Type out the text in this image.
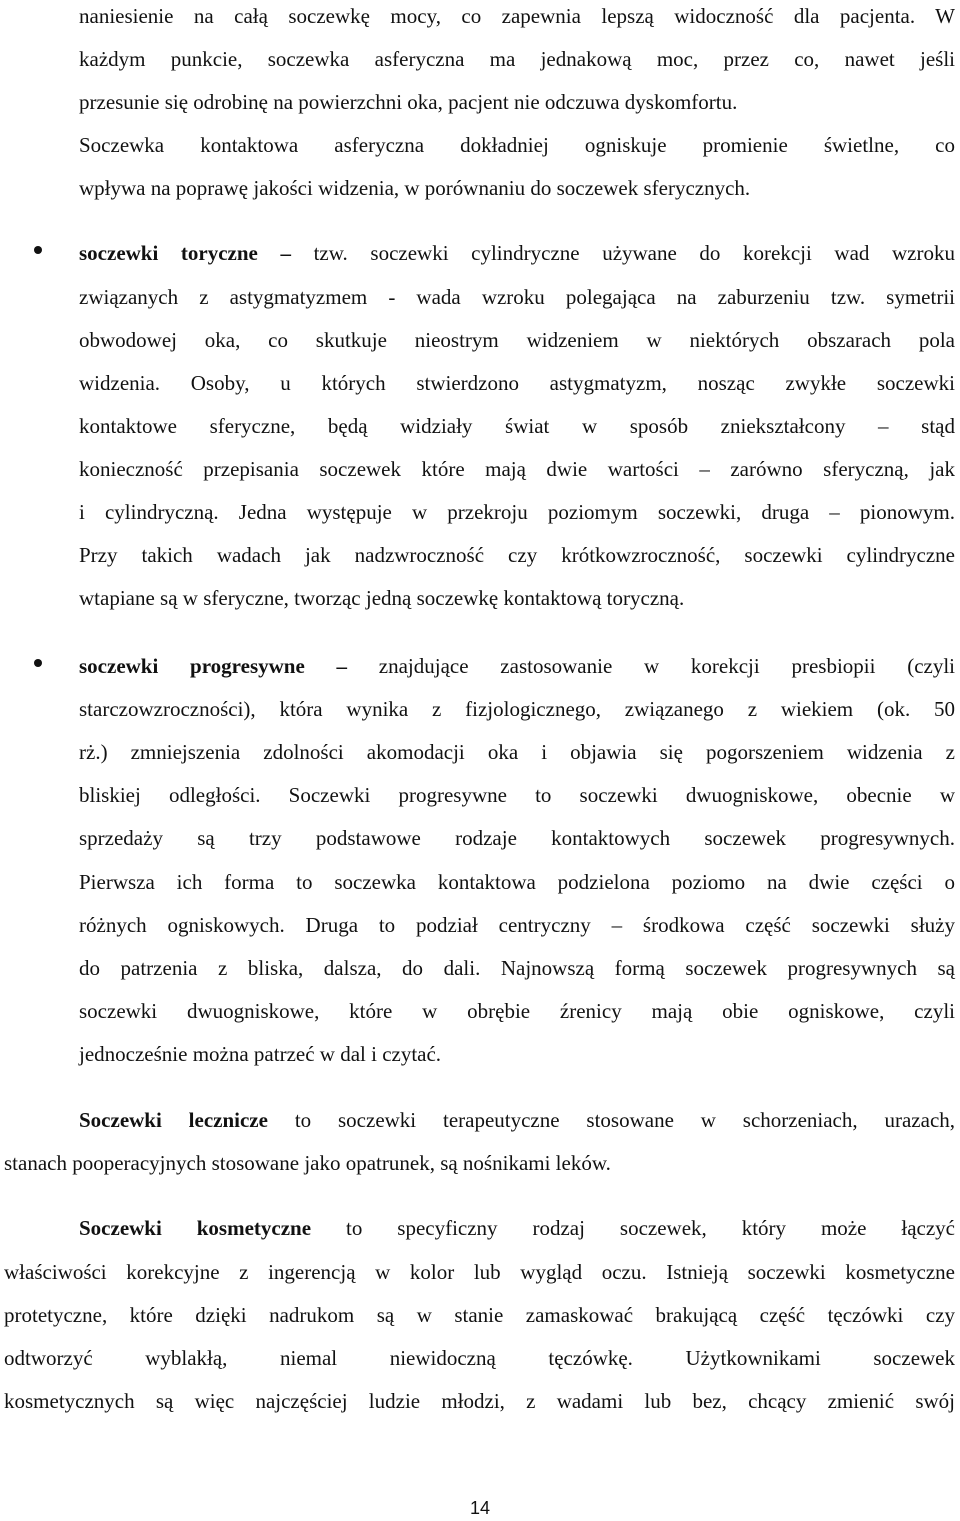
naniesienie na całą soczewkę mocy, co zapewnia lepszą widoczność dla pacjenta. W
każdym punkcie, soczewka asferyczna ma jednakową moc, przez co, nawet jeśli
przesunie się odrobinę na powierzchni oka, pacjent nie odczuwa dyskomfortu.
Soczewka kontaktowa asferyczna dokładniej ogniskuje promienie świetlne, co
wpływa na poprawę jakości widzenia, w porównaniu do soczewek sferycznych.
soczewki toryczne – tzw. soczewki cylindryczne używane do korekcji wad wzroku
związanych z astygmatyzmem - wada wzroku polegająca na zaburzeniu tzw. symetrii
obwodowej oka, co skutkuje nieostrym widzeniem w niektórych obszarach pola
widzenia. Osoby, u których stwierdzono astygmatyzm, nosząc zwykłe soczewki
kontaktowe sferyczne, będą widziały świat w sposób zniekształcony – stąd
konieczność przepisania soczewek które mają dwie wartości – zarówno sferyczną, jak
i cylindryczną. Jedna występuje w przekroju poziomym soczewki, druga – pionowym.
Przy takich wadach jak nadzwroczność czy krótkowzroczność, soczewki cylindryczne
wtapiane są w sferyczne, tworząc jedną soczewkę kontaktową toryczną.
soczewki progresywne – znajdujące zastosowanie w korekcji presbiopii (czyli
starczowzroczności), która wynika z fizjologicznego, związanego z wiekiem (ok. 50
rż.) zmniejszenia zdolności akomodacji oka i objawia się pogorszeniem widzenia z
bliskiej odległości. Soczewki progresywne to soczewki dwuogniskowe, obecnie w
sprzedaży są trzy podstawowe rodzaje kontaktowych soczewek progresywnych.
Pierwsza ich forma to soczewka kontaktowa podzielona poziomo na dwie części o
różnych ogniskowych. Druga to podział centryczny – środkowa część soczewki służy
do patrzenia z bliska, dalsza, do dali. Najnowszą formą soczewek progresywnych są
soczewki dwuogniskowe, które w obrębie źrenicy mają obie ogniskowe, czyli
jednocześnie można patrzeć w dal i czytać.
Soczewki lecznicze to soczewki terapeutyczne stosowane w schorzeniach, urazach,
stanach pooperacyjnych stosowane jako opatrunek, są nośnikami leków.
Soczewki kosmetyczne to specyficzny rodzaj soczewek, który może łączyć
właściwości korekcyjne z ingerencją w kolor lub wygląd oczu. Istnieją soczewki kosmetyczne
protetyczne, które dzięki nadrukom są w stanie zamaskować brakującą część tęczówki czy
odtworzyć wyblakłą, niemal niewidoczną tęczówkę. Użytkownikami soczewek
kosmetycznych są więc najczęściej ludzie młodzi, z wadami lub bez, chcący zmienić swój
14
